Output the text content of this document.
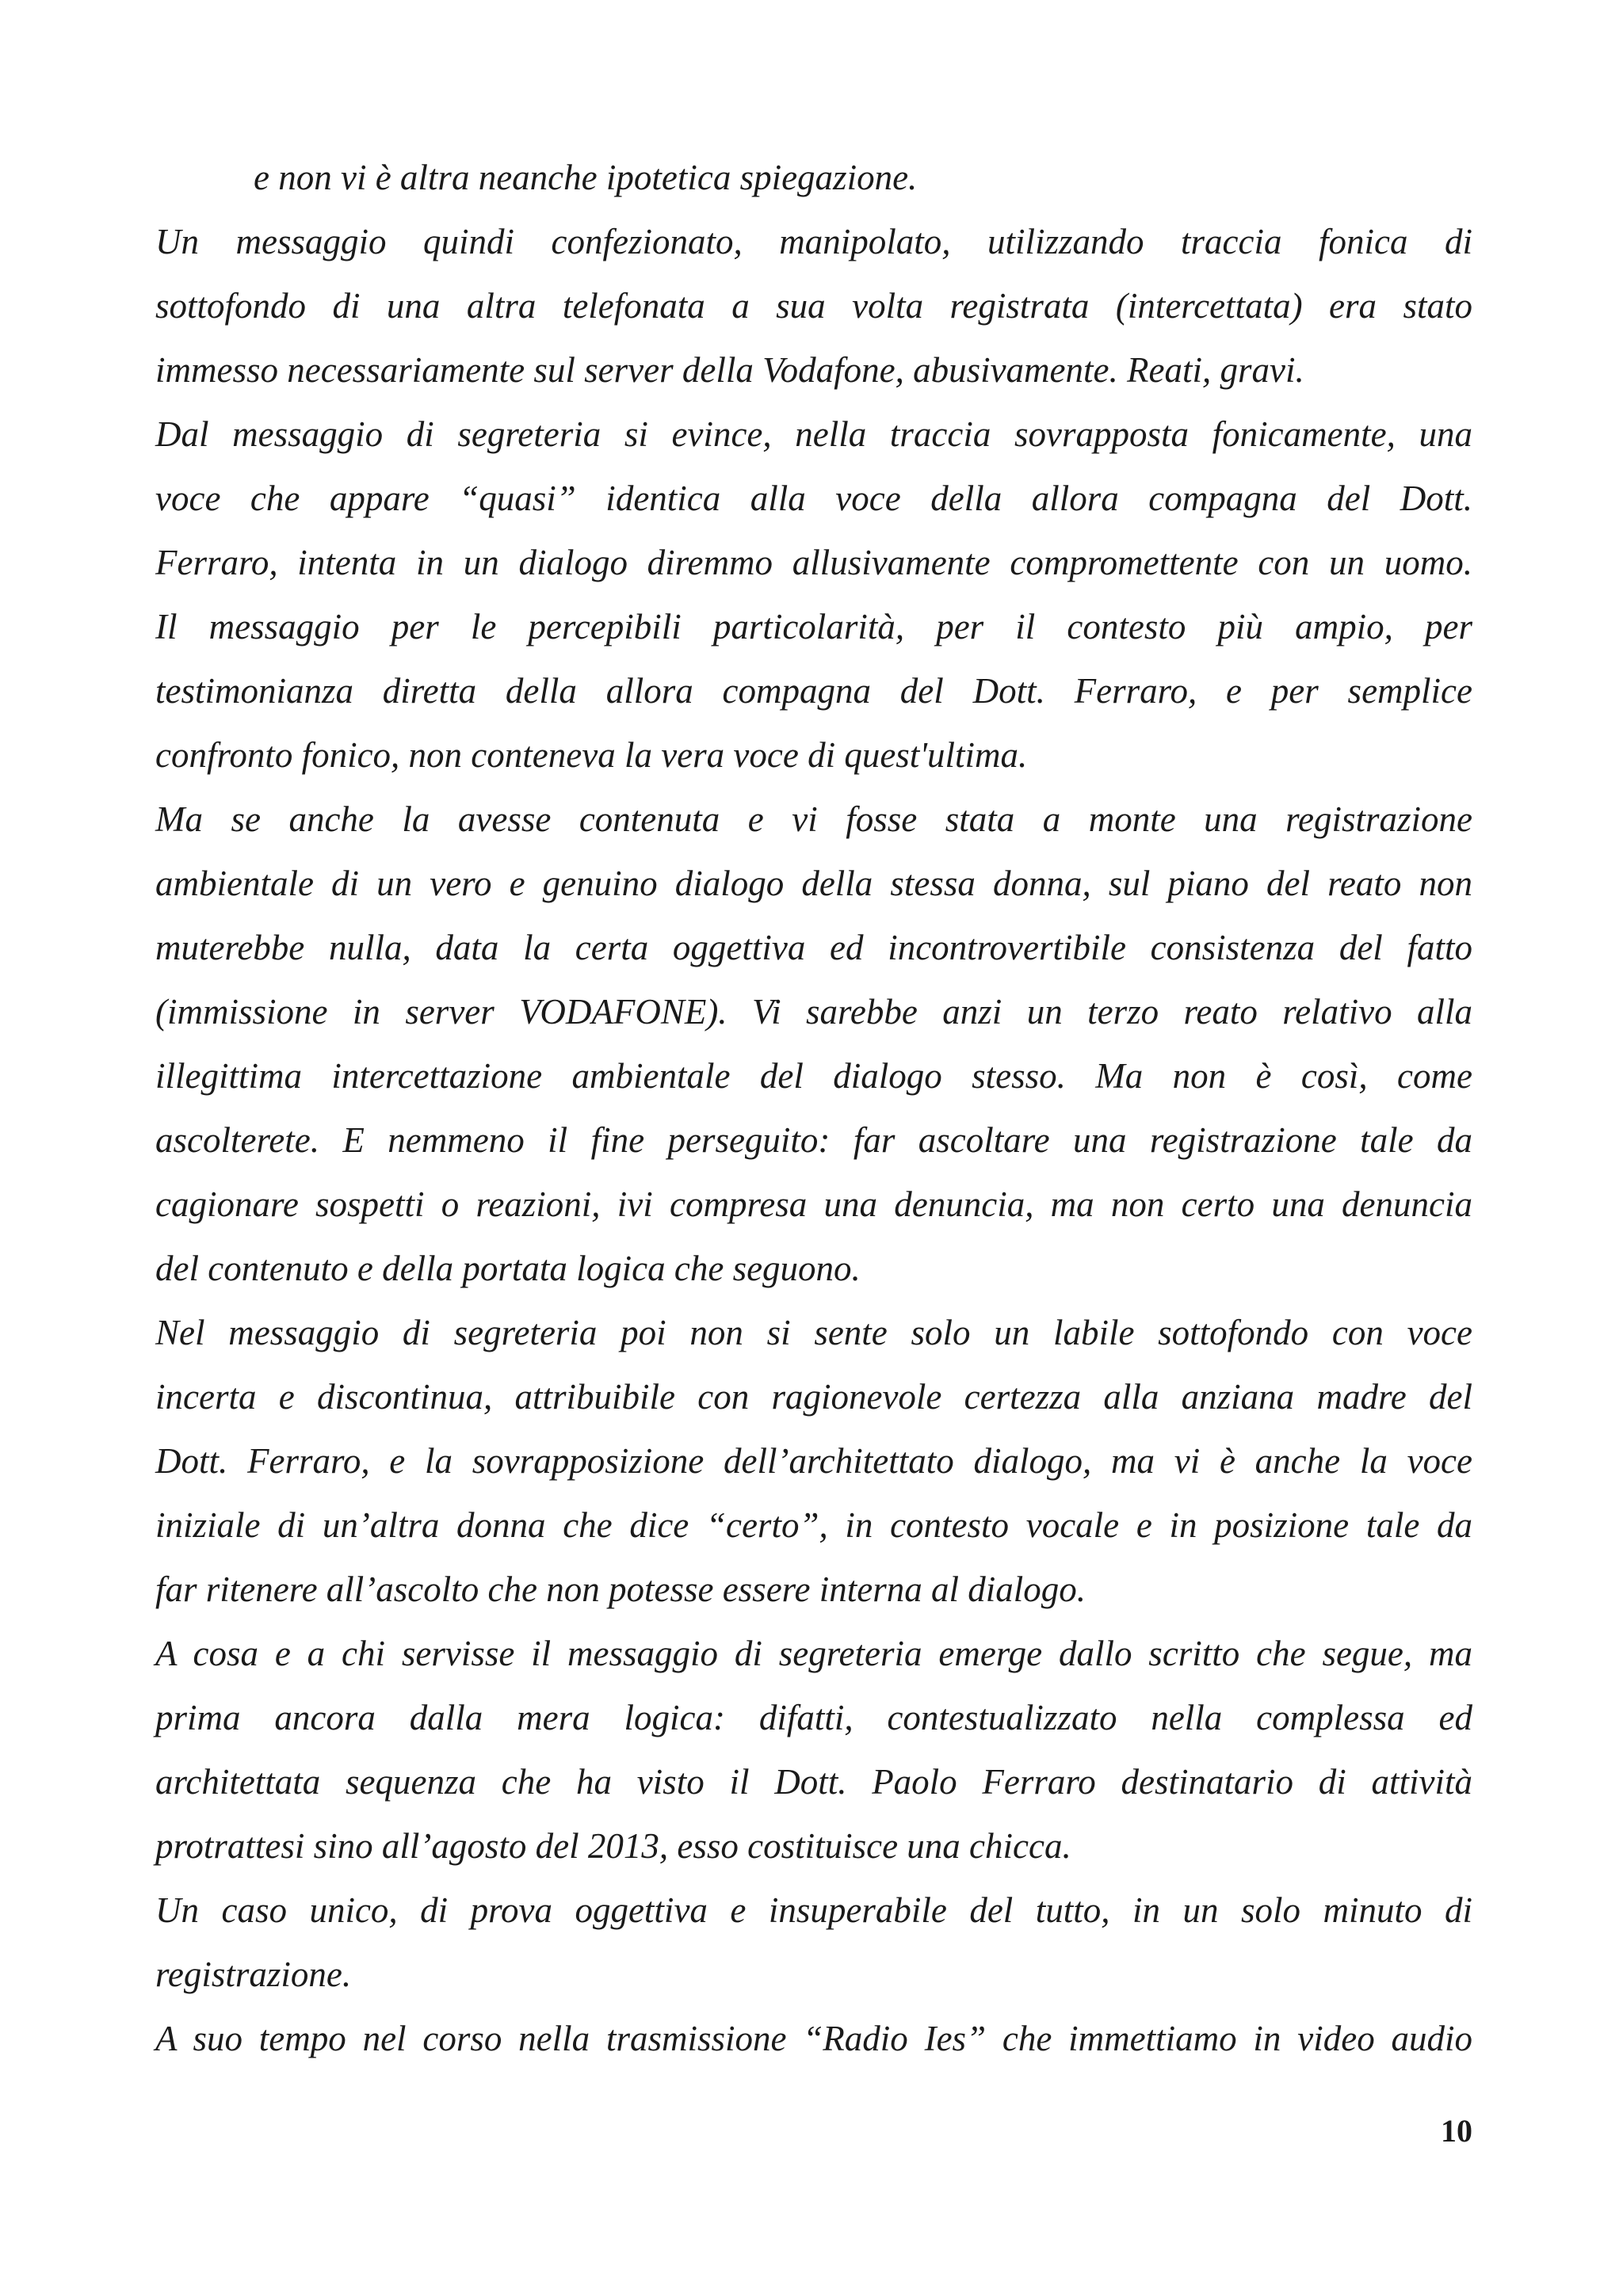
e non vi è altra neanche ipotetica spiegazione.
Un messaggio quindi confezionato, manipolato, utilizzando traccia fonica di
sottofondo di una altra telefonata a sua volta registrata (intercettata) era stato
immesso necessariamente sul server della Vodafone, abusivamente. Reati, gravi.
Dal messaggio di segreteria si evince, nella traccia sovrapposta fonicamente, una
voce che appare “quasi” identica alla voce della allora compagna del Dott.
Ferraro, intenta in un dialogo diremmo allusivamente compromettente con un uomo.
Il messaggio per le percepibili particolarità, per il contesto più ampio, per
testimonianza diretta della allora compagna del Dott. Ferraro, e per semplice
confronto fonico, non conteneva la vera voce di quest'ultima.
Ma se anche la avesse contenuta e vi fosse stata a monte una registrazione
ambientale di un vero e genuino dialogo della stessa donna, sul piano del reato non
muterebbe nulla, data la certa oggettiva ed incontrovertibile consistenza del fatto
(immissione in server VODAFONE). Vi sarebbe anzi un terzo reato relativo alla
illegittima intercettazione ambientale del dialogo stesso. Ma non è così, come
ascolterete. E nemmeno il fine perseguito: far ascoltare una registrazione tale da
cagionare sospetti o reazioni, ivi compresa una denuncia, ma non certo una denuncia
del contenuto e della portata logica che seguono.
Nel messaggio di segreteria poi non si sente solo un labile sottofondo con voce
incerta e discontinua, attribuibile con ragionevole certezza alla anziana madre del
Dott. Ferraro, e la sovrapposizione dell’architettato dialogo, ma vi è anche la voce
iniziale di un’altra donna che dice “certo”, in contesto vocale e in posizione tale da
far ritenere all’ascolto che non potesse essere interna al dialogo.
A cosa e a chi servisse il messaggio di segreteria emerge dallo scritto che segue, ma
prima ancora dalla mera logica: difatti, contestualizzato nella complessa ed
architettata sequenza che ha visto il Dott. Paolo Ferraro destinatario di attività
protrattesi sino all’agosto del 2013, esso costituisce una chicca.
Un caso unico, di prova oggettiva e insuperabile del tutto, in un solo minuto di
registrazione.
A suo tempo nel corso nella trasmissione “Radio Ies” che immettiamo in video audio
10
